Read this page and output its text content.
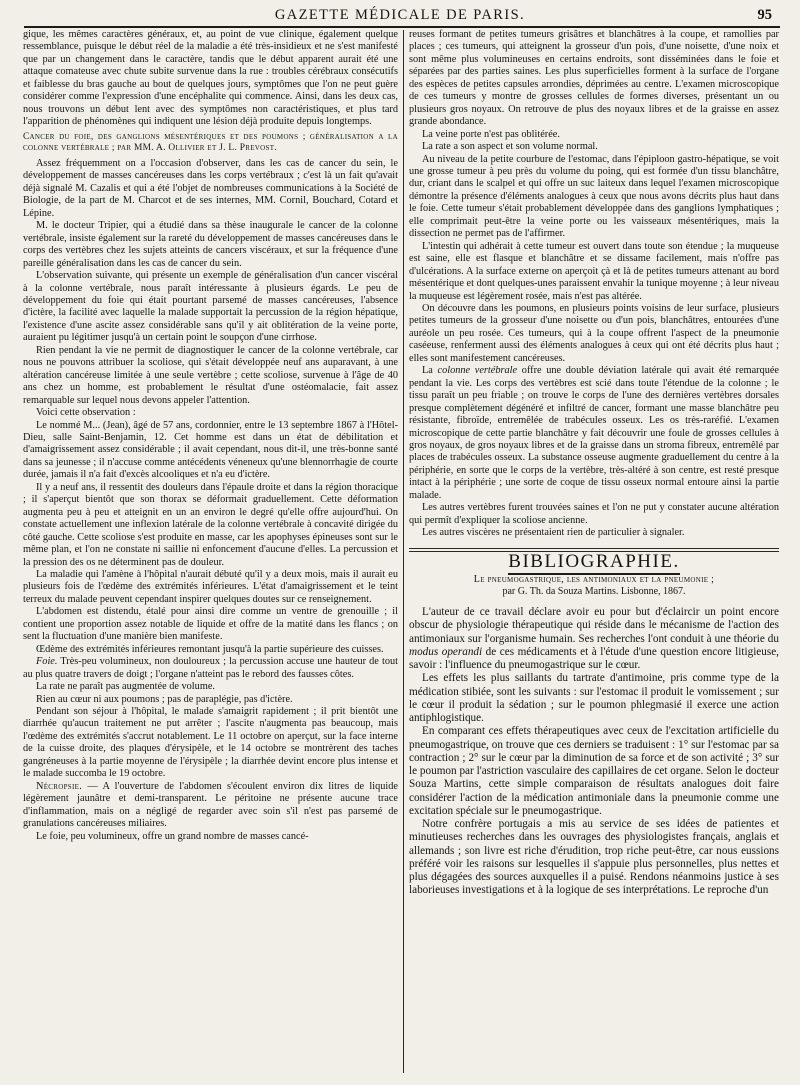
GAZETTE MÉDICALE DE PARIS.	95

gique, les mêmes caractères généraux, et, au point de vue clinique, également quelque ressemblance, puisque le début réel de la maladie a été très-insidieux et ne s'est manifesté que par un changement dans le caractère, tandis que le début apparent aurait été une attaque comateuse avec chute subite survenue dans la rue : troubles cérébraux consécutifs et faiblesse du bras gauche au bout de quelques jours, symptômes que l'on ne peut guère considérer comme l'expression d'une encéphalite qui commence. Ainsi, dans les deux cas, nous trouvons un début lent avec des symptômes non caractéristiques, et plus tard l'apparition de phénomènes qui indiquent une lésion déjà produite depuis longtemps.

Cancer du foie, des ganglions mésentériques et des poumons ; généralisation a la colonne vertébrale ; par MM. A. Ollivier et J. L. Prevost.

Assez fréquemment on a l'occasion d'observer, dans les cas de cancer du sein, le développement de masses cancéreuses dans les corps vertébraux ; c'est là un fait qu'avait déjà signalé M. Cazalis et qui a été l'objet de nombreuses communications à la Société de Biologie, de la part de M. Charcot et de ses internes, MM. Cornil, Bouchard, Cotard et Lépine.

M. le docteur Tripier, qui a étudié dans sa thèse inaugurale le cancer de la colonne vertébrale, insiste également sur la rareté du développement de masses cancéreuses dans le corps des vertèbres chez les sujets atteints de cancers viscéraux, et sur la fréquence d'une pareille généralisation dans les cas de cancer du sein.

L'observation suivante, qui présente un exemple de généralisation d'un cancer viscéral à la colonne vertébrale, nous paraît intéressante à plusieurs égards. Le peu de développement du foie qui était pourtant parsemé de masses cancéreuses, l'absence d'ictère, la facilité avec laquelle la malade supportait la percussion de la région hépatique, l'existence d'une ascite assez considérable sans qu'il y ait oblitération de la veine porte, auraient pu légitimer jusqu'à un certain point le soupçon d'une cirrhose.

Rien pendant la vie ne permit de diagnostiquer le cancer de la colonne vertébrale, car nous ne pouvons attribuer la scoliose, qui s'était développée neuf ans auparavant, à une altération cancéreuse limitée à une seule vertèbre ; cette scoliose, survenue à l'âge de 40 ans chez un homme, est probablement le résultat d'une ostéomalacie, fait assez remarquable sur lequel nous devons appeler l'attention.

Voici cette observation :

Le nommé M... (Jean), âgé de 57 ans, cordonnier, entre le 13 septembre 1867 à l'Hôtel-Dieu, salle Saint-Benjamin, 12. Cet homme est dans un état de débilitation et d'amaigrissement assez considérable ; il avait cependant, nous dit-il, une très-bonne santé dans sa jeunesse ; il n'accuse comme antécédents véneneux qu'une blennorrhagie de courte durée, jamais il n'a fait d'excès alcooliques et n'a eu d'ictère.

Il y a neuf ans, il ressentit des douleurs dans l'épaule droite et dans la région thoracique ; il s'aperçut bientôt que son thorax se déformait graduellement. Cette déformation augmenta peu à peu et atteignit en un an environ le degré qu'elle offre aujourd'hui. On constate actuellement une inflexion latérale de la colonne vertébrale à concavité dirigée du côté gauche. Cette scoliose s'est produite en masse, car les apophyses épineuses sont sur le même plan, et l'on ne constate ni saillie ni enfoncement d'aucune d'elles. La percussion et la pression des os ne déterminent pas de douleur.

La maladie qui l'amène à l'hôpital n'aurait débuté qu'il y a deux mois, mais il aurait eu plusieurs fois de l'œdème des extrémités inférieures. L'état d'amaigrissement et le teint terreux du malade peuvent cependant inspirer quelques doutes sur ce renseignement.

L'abdomen est distendu, étalé pour ainsi dire comme un ventre de grenouille ; il contient une proportion assez notable de liquide et offre de la matité dans les flancs ; on sent la fluctuation d'une manière bien manifeste.

Œdème des extrémités inférieures remontant jusqu'à la partie supérieure des cuisses.

Foie. Très-peu volumineux, non douloureux ; la percussion accuse une hauteur de tout au plus quatre travers de doigt ; l'organe n'atteint pas le rebord des fausses côtes.

La rate ne paraît pas augmentée de volume.

Rien au cœur ni aux poumons ; pas de paraplégie, pas d'ictère.

Pendant son séjour à l'hôpital, le malade s'amaigrit rapidement ; il prit bientôt une diarrhée qu'aucun traitement ne put arrêter ; l'ascite n'augmenta pas beaucoup, mais l'œdème des extrémités s'accrut notablement. Le 11 octobre on aperçut, sur la face interne de la cuisse droite, des plaques d'érysipèle, et le 14 octobre se montrèrent des taches gangréneuses à la partie moyenne de l'érysipèle ; la diarrhée devint encore plus intense et le malade succomba le 19 octobre.

Nécropsie. — A l'ouverture de l'abdomen s'écoulent environ dix litres de liquide légèrement jaunâtre et demi-transparent. Le péritoine ne présente aucune trace d'inflammation, mais on a négligé de regarder avec soin s'il n'est pas parsemé de granulations cancéreuses miliaires.

Le foie, peu volumineux, offre un grand nombre de masses cancé-

reuses formant de petites tumeurs grisâtres et blanchâtres à la coupe, et ramollies par places ; ces tumeurs, qui atteignent la grosseur d'un pois, d'une noisette, d'une noix et sont même plus volumineuses en certains endroits, sont disséminées dans le foie et séparées par des parties saines. Les plus superficielles forment à la surface de l'organe des espèces de petites capsules arrondies, déprimées au centre. L'examen microscopique de ces tumeurs y montre de grosses cellules de formes diverses, présentant un ou plusieurs gros noyaux. On retrouve de plus des noyaux libres et de la graisse en assez grande abondance.

La veine porte n'est pas oblitérée.

La rate a son aspect et son volume normal.

Au niveau de la petite courbure de l'estomac, dans l'épiploon gastro-hépatique, se voit une grosse tumeur à peu près du volume du poing, qui est formée d'un tissu blanchâtre, dur, criant dans le scalpel et qui offre un suc laiteux dans lequel l'examen microscopique démontre la présence d'éléments analogues à ceux que nous avons décrits plus haut dans le foie. Cette tumeur s'était probablement développée dans des ganglions lymphatiques ; elle comprimait peut-être la veine porte ou les vaisseaux mésentériques, mais la dissection ne permet pas de l'affirmer.

L'intestin qui adhérait à cette tumeur est ouvert dans toute son étendue ; la muqueuse est saine, elle est flasque et blanchâtre et se dissame facilement, mais n'offre pas d'ulcérations. A la surface externe on aperçoit çà et là de petites tumeurs attenant au bord mésentérique et dont quelques-unes paraissent envahir la tunique moyenne ; à leur niveau la muqueuse est légèrement rosée, mais n'est pas altérée.

On découvre dans les poumons, en plusieurs points voisins de leur surface, plusieurs petites tumeurs de la grosseur d'une noisette ou d'un pois, blanchâtres, entourées d'une auréole un peu rosée. Ces tumeurs, qui à la coupe offrent l'aspect de la pneumonie caséeuse, renferment aussi des éléments analogues à ceux qui ont été décrits plus haut ; elles sont manifestement cancéreuses.

La colonne vertébrale offre une double déviation latérale qui avait été remarquée pendant la vie. Les corps des vertèbres est scié dans toute l'étendue de la colonne ; le tissu paraît un peu friable ; on trouve le corps de l'une des dernières vertèbres dorsales presque complètement dégénéré et infiltré de cancer, formant une masse blanchâtre peu résistante, fibroïde, entremêlée de trabécules osseux. Les os très-raréfié. L'examen microscopique de cette partie blanchâtre y fait découvrir une foule de grosses cellules à gros noyaux, de gros noyaux libres et de la graisse dans un stroma fibreux, entremêlé par places de trabécules osseux. La substance osseuse augmente graduellement du centre à la périphérie, en sorte que le corps de la vertèbre, très-altéré à son centre, est resté presque intact à la périphérie ; une sorte de coque de tissu osseux normal entoure ainsi la partie malade.

Les autres vertèbres furent trouvées saines et l'on ne put y constater aucune altération qui permît d'expliquer la scoliose ancienne.

Les autres viscères ne présentaient rien de particulier à signaler.

BIBLIOGRAPHIE.
Le pneumogastrique, les antimoniaux et la pneumonie ;
par G. Th. da Souza Martins. Lisbonne, 1867.

L'auteur de ce travail déclare avoir eu pour but d'éclaircir un point encore obscur de physiologie thérapeutique qui réside dans le mécanisme de l'action des antimoniaux sur l'organisme humain. Ses recherches l'ont conduit à une théorie du modus operandi de ces médicaments et à l'étude d'une question encore litigieuse, savoir : l'influence du pneumogastrique sur le cœur.

Les effets les plus saillants du tartrate d'antimoine, pris comme type de la médication stibiée, sont les suivants : sur l'estomac il produit le vomissement ; sur le cœur il produit la sédation ; sur le poumon phlegmasié il exerce une action antiphlogistique.

En comparant ces effets thérapeutiques avec ceux de l'excitation artificielle du pneumogastrique, on trouve que ces derniers se traduisent : 1° sur l'estomac par sa contraction ; 2° sur le cœur par la diminution de sa force et de son activité ; 3° sur le poumon par l'astriction vasculaire des capillaires de cet organe. Selon le docteur Souza Martins, cette simple comparaison de résultats analogues doit faire considérer l'action de la médication antimoniale dans la pneumonie comme une excitation spéciale sur le pneumogastrique.

Notre confrère portugais a mis au service de ses idées de patientes et minutieuses recherches dans les ouvrages des physiologistes français, anglais et allemands ; son livre est riche d'érudition, trop riche peut-être, car nous eussions préféré voir les raisons sur lesquelles il s'appuie plus personnelles, plus nettes et plus dégagées des sources auxquelles il a puisé. Rendons néanmoins justice à ses laborieuses investigations et à la logique de ses interprétations. Le reproche d'un
